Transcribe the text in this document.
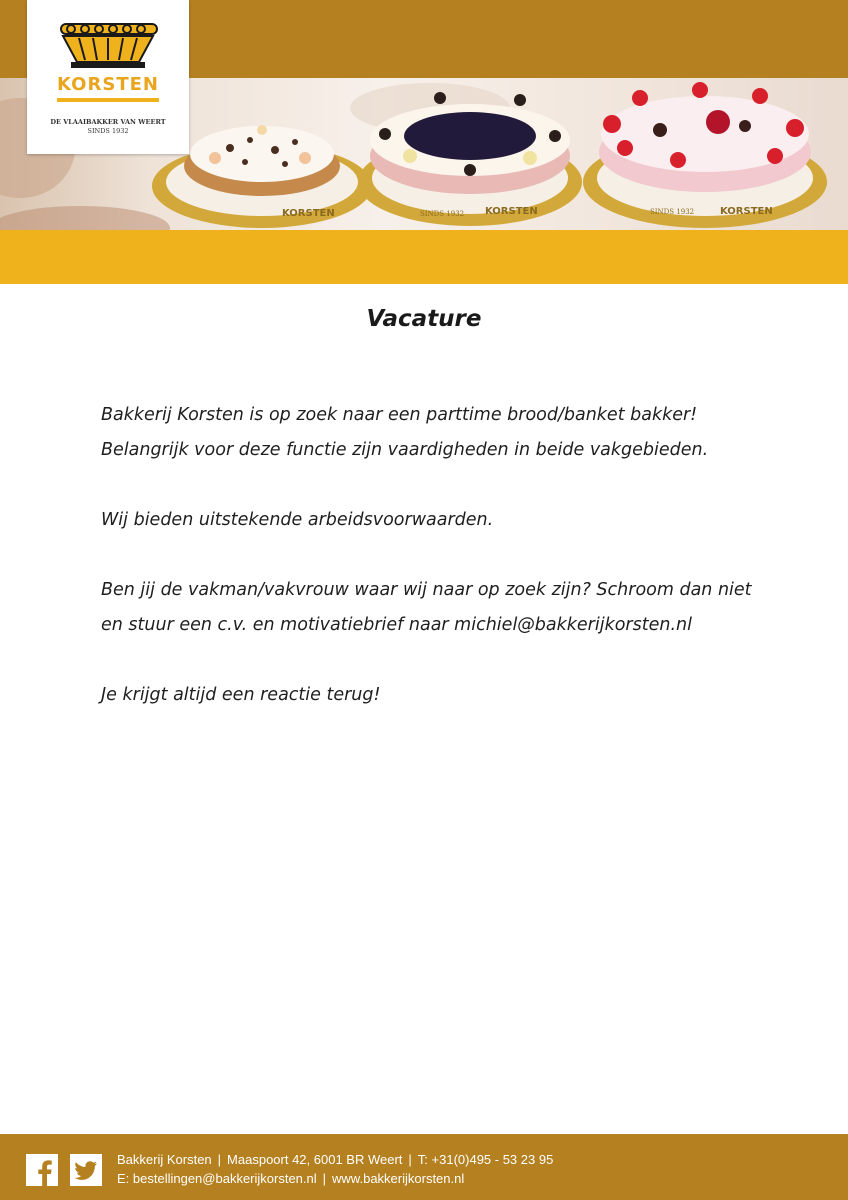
KORSTEN	KORSTEN
SINDS 1932	KORSTEN
SINDS 1932
KORSTEN
DE VLAAIBAKKER VAN WEERT
SINDS 1932
Vacature

Bakkerij Korsten is op zoek naar een parttime brood/banket bakker! Belangrijk voor deze functie zijn vaardigheden in beide vakgebieden.

Wij bieden uitstekende arbeidsvoorwaarden.

Ben jij de vakman/vakvrouw waar wij naar op zoek zijn? Schroom dan niet en stuur een c.v. en motivatiebrief naar michiel@bakkerijkorsten.nl

Je krijgt altijd een reactie terug!

Bakkerij Korsten | Maaspoort 42, 6001 BR Weert | T: +31(0)495 - 53 23 95
E: bestellingen@bakkerijkorsten.nl | www.bakkerijkorsten.nl
